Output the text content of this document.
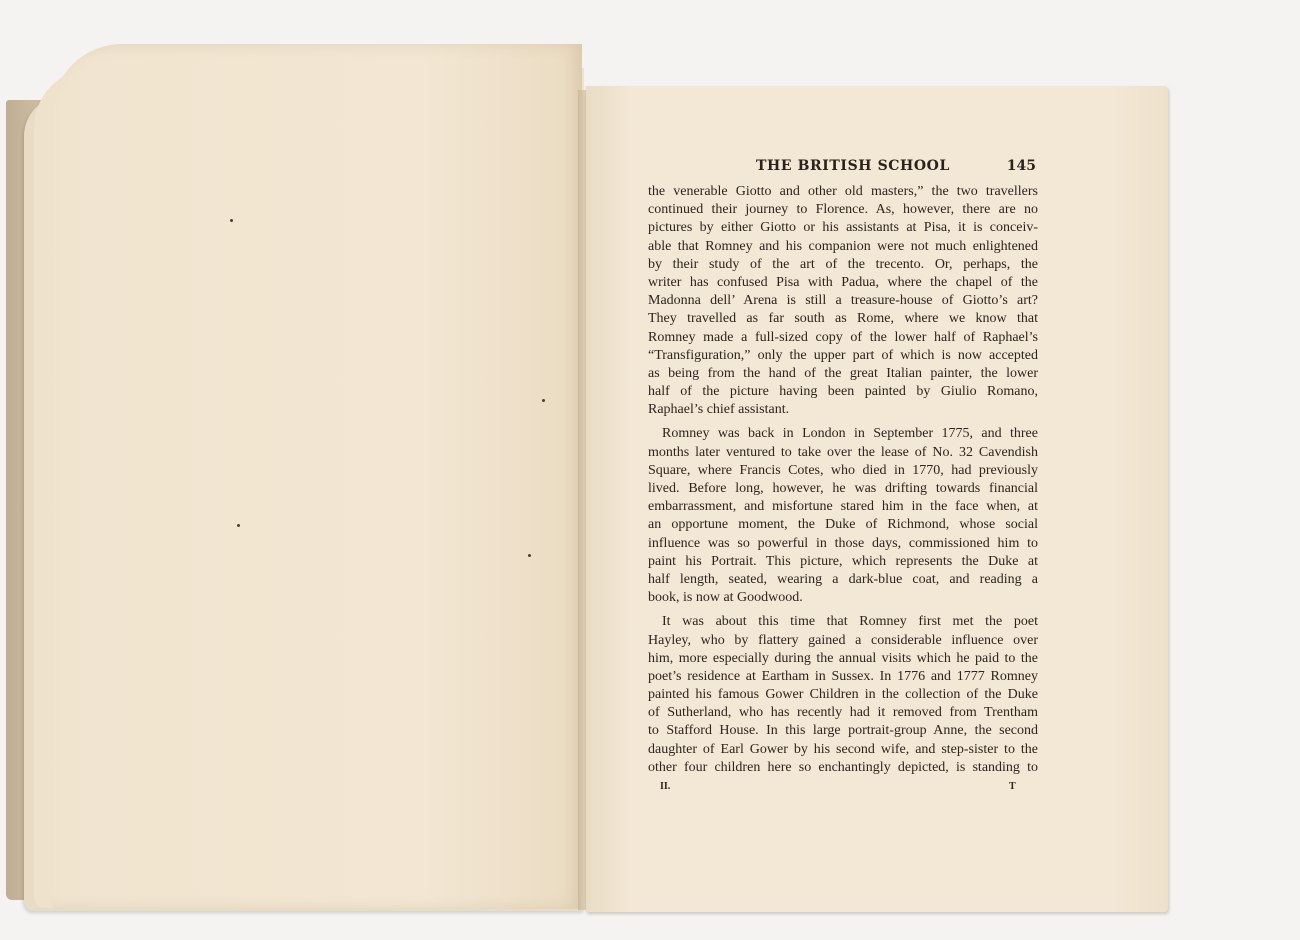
THE BRITISH SCHOOL	145
the venerable Giotto and other old masters,” the two travellers
continued their journey to Florence. As, however, there are no
pictures by either Giotto or his assistants at Pisa, it is conceiv-
able that Romney and his companion were not much enlightened
by their study of the art of the trecento. Or, perhaps, the
writer has confused Pisa with Padua, where the chapel of the
Madonna dell’ Arena is still a treasure-house of Giotto’s art?
They travelled as far south as Rome, where we know that
Romney made a full-sized copy of the lower half of Raphael’s
“Transfiguration,” only the upper part of which is now accepted
as being from the hand of the great Italian painter, the lower
half of the picture having been painted by Giulio Romano,
Raphael’s chief assistant.
Romney was back in London in September 1775, and three
months later ventured to take over the lease of No. 32 Cavendish
Square, where Francis Cotes, who died in 1770, had previously
lived. Before long, however, he was drifting towards financial
embarrassment, and misfortune stared him in the face when, at
an opportune moment, the Duke of Richmond, whose social
influence was so powerful in those days, commissioned him to
paint his Portrait. This picture, which represents the Duke at
half length, seated, wearing a dark-blue coat, and reading a
book, is now at Goodwood.
It was about this time that Romney first met the poet
Hayley, who by flattery gained a considerable influence over
him, more especially during the annual visits which he paid to the
poet’s residence at Eartham in Sussex. In 1776 and 1777 Romney
painted his famous Gower Children in the collection of the Duke
of Sutherland, who has recently had it removed from Trentham
to Stafford House. In this large portrait-group Anne, the second
daughter of Earl Gower by his second wife, and step-sister to the
other four children here so enchantingly depicted, is standing to
II.	T
